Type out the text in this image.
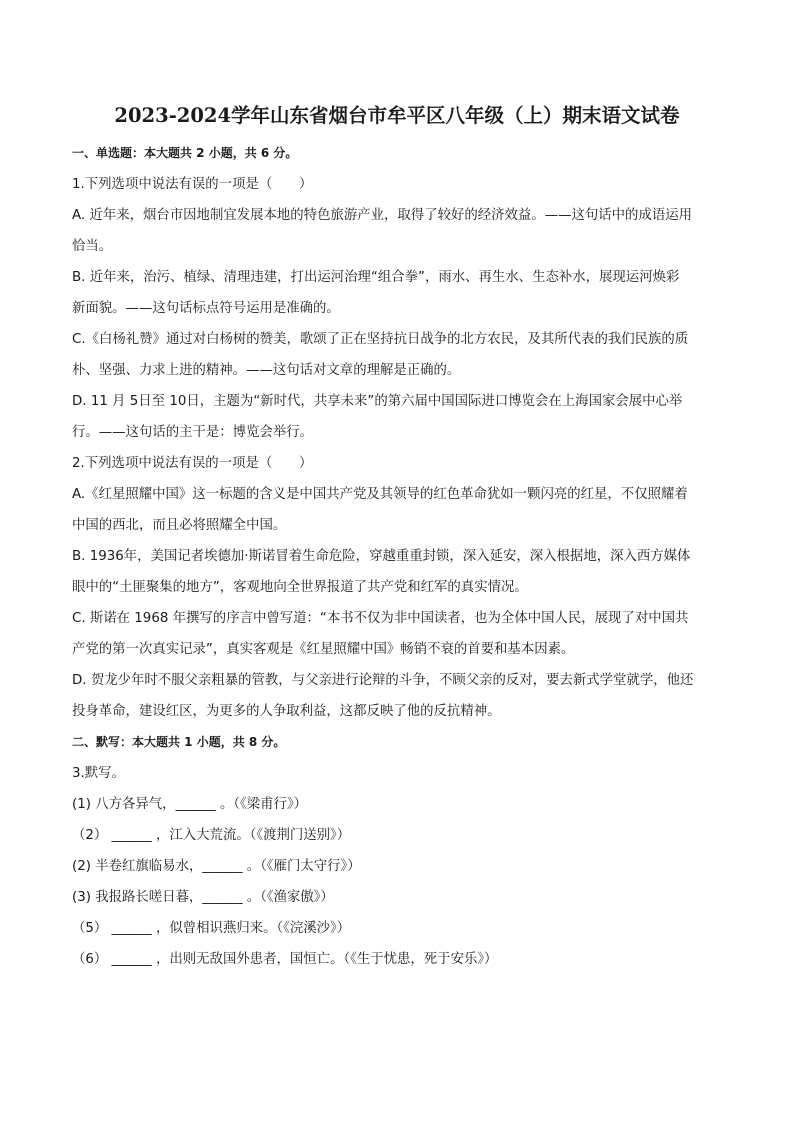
2023-2024学年山东省烟台市牟平区八年级（上）期末语文试卷
一、单选题：本大题共 2 小题，共 6 分。
1.下列选项中说法有误的一项是（　　）
A. 近年来，烟台市因地制宜发展本地的特色旅游产业，取得了较好的经济效益。——这句话中的成语运用
恰当。
B. 近年来，治污、植绿、清理违建，打出运河治理“组合拳”，雨水、再生水、生态补水，展现运河焕彩
新面貌。——这句话标点符号运用是准确的。
C.《白杨礼赞》通过对白杨树的赞美，歌颂了正在坚持抗日战争的北方农民，及其所代表的我们民族的质
朴、坚强、力求上进的精神。——这句话对文章的理解是正确的。
D. 11 月 5日至 10日，主题为“新时代，共享未来”的第六届中国国际进口博览会在上海国家会展中心举
行。——这句话的主干是：博览会举行。
2.下列选项中说法有误的一项是（　　）
A.《红星照耀中国》这一标题的含义是中国共产党及其领导的红色革命犹如一颗闪亮的红星，不仅照耀着
中国的西北，而且必将照耀全中国。
B. 1936年，美国记者埃德加·斯诺冒着生命危险，穿越重重封锁，深入延安，深入根据地，深入西方媒体
眼中的“土匪聚集的地方”，客观地向全世界报道了共产党和红军的真实情况。
C. 斯诺在 1968 年撰写的序言中曾写道：“本书不仅为非中国读者，也为全体中国人民，展现了对中国共
产党的第一次真实记录”，真实客观是《红星照耀中国》畅销不衰的首要和基本因素。
D. 贺龙少年时不服父亲粗暴的管教，与父亲进行论辩的斗争，不顾父亲的反对，要去新式学堂就学，他还
投身革命，建设红区，为更多的人争取利益，这都反映了他的反抗精神。
二、默写：本大题共 1 小题，共 8 分。
3.默写。
(1) 八方各异气，______ 。（《梁甫行》）
（2） ______ ，江入大荒流。（《渡荆门送别》）
(2) 半卷红旗临易水，______ 。（《雁门太守行》）
(3) 我报路长嗟日暮，______ 。（《渔家傲》）
（5） ______ ，似曾相识燕归来。（《浣溪沙》）
（6） ______ ，出则无敌国外患者，国恒亡。（《生于忧患，死于安乐》）
